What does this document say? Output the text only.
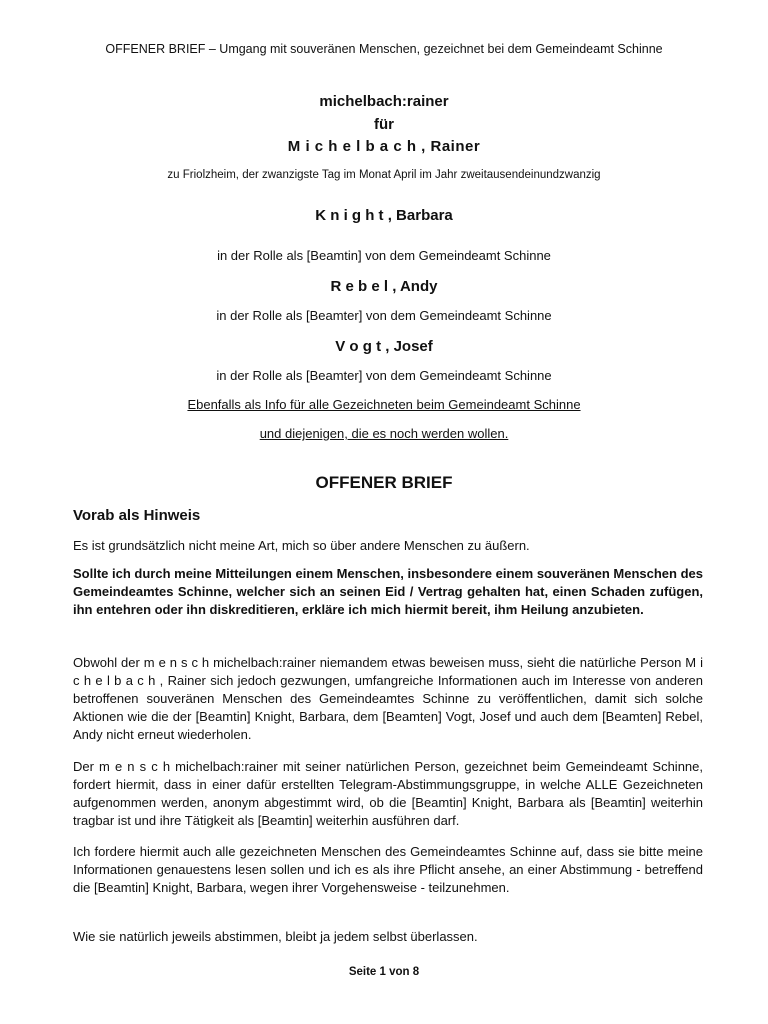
OFFENER BRIEF – Umgang mit souveränen Menschen, gezeichnet bei dem Gemeindeamt Schinne
michelbach:rainer
für
M i c h e l b a c h , Rainer
zu Friolzheim, der zwanzigste Tag im Monat April im Jahr zweitausendeinundzwanzig
K n i g h t , Barbara
in der Rolle als [Beamtin] von dem Gemeindeamt Schinne
R e b e l , Andy
in der Rolle als [Beamter] von dem Gemeindeamt Schinne
V o g t , Josef
in der Rolle als [Beamter] von dem Gemeindeamt Schinne
Ebenfalls als Info für alle Gezeichneten beim Gemeindeamt Schinne
und diejenigen, die es noch werden wollen.
OFFENER BRIEF
Vorab als Hinweis

Es ist grundsätzlich nicht meine Art, mich so über andere Menschen zu äußern.

Sollte ich durch meine Mitteilungen einem Menschen, insbesondere einem souveränen Menschen des Gemeindeamtes Schinne, welcher sich an seinen Eid / Vertrag gehalten hat, einen Schaden zufügen, ihn entehren oder ihn diskreditieren, erkläre ich mich hiermit bereit, ihm Heilung anzubieten.

Obwohl der m e n s c h michelbach:rainer niemandem etwas beweisen muss, sieht die natürliche Person M i c h e l b a c h , Rainer sich jedoch gezwungen, umfangreiche Informationen auch im Interesse von anderen betroffenen souveränen Menschen des Gemeindeamtes Schinne zu veröffentlichen, damit sich solche Aktionen wie die der [Beamtin] Knight, Barbara, dem [Beamten] Vogt, Josef und auch dem [Beamten] Rebel, Andy nicht erneut wiederholen.

Der m e n s c h michelbach:rainer mit seiner natürlichen Person, gezeichnet beim Gemeindeamt Schinne, fordert hiermit, dass in einer dafür erstellten Telegram-Abstimmungsgruppe, in welche ALLE Gezeichneten aufgenommen werden, anonym abgestimmt wird, ob die [Beamtin] Knight, Barbara als [Beamtin] weiterhin tragbar ist und ihre Tätigkeit als [Beamtin] weiterhin ausführen darf.

Ich fordere hiermit auch alle gezeichneten Menschen des Gemeindeamtes Schinne auf, dass sie bitte meine Informationen genauestens lesen sollen und ich es als ihre Pflicht ansehe, an einer Abstimmung - betreffend die [Beamtin] Knight, Barbara, wegen ihrer Vorgehensweise - teilzunehmen.

Wie sie natürlich jeweils abstimmen, bleibt ja jedem selbst überlassen.

Seite 1 von 8
